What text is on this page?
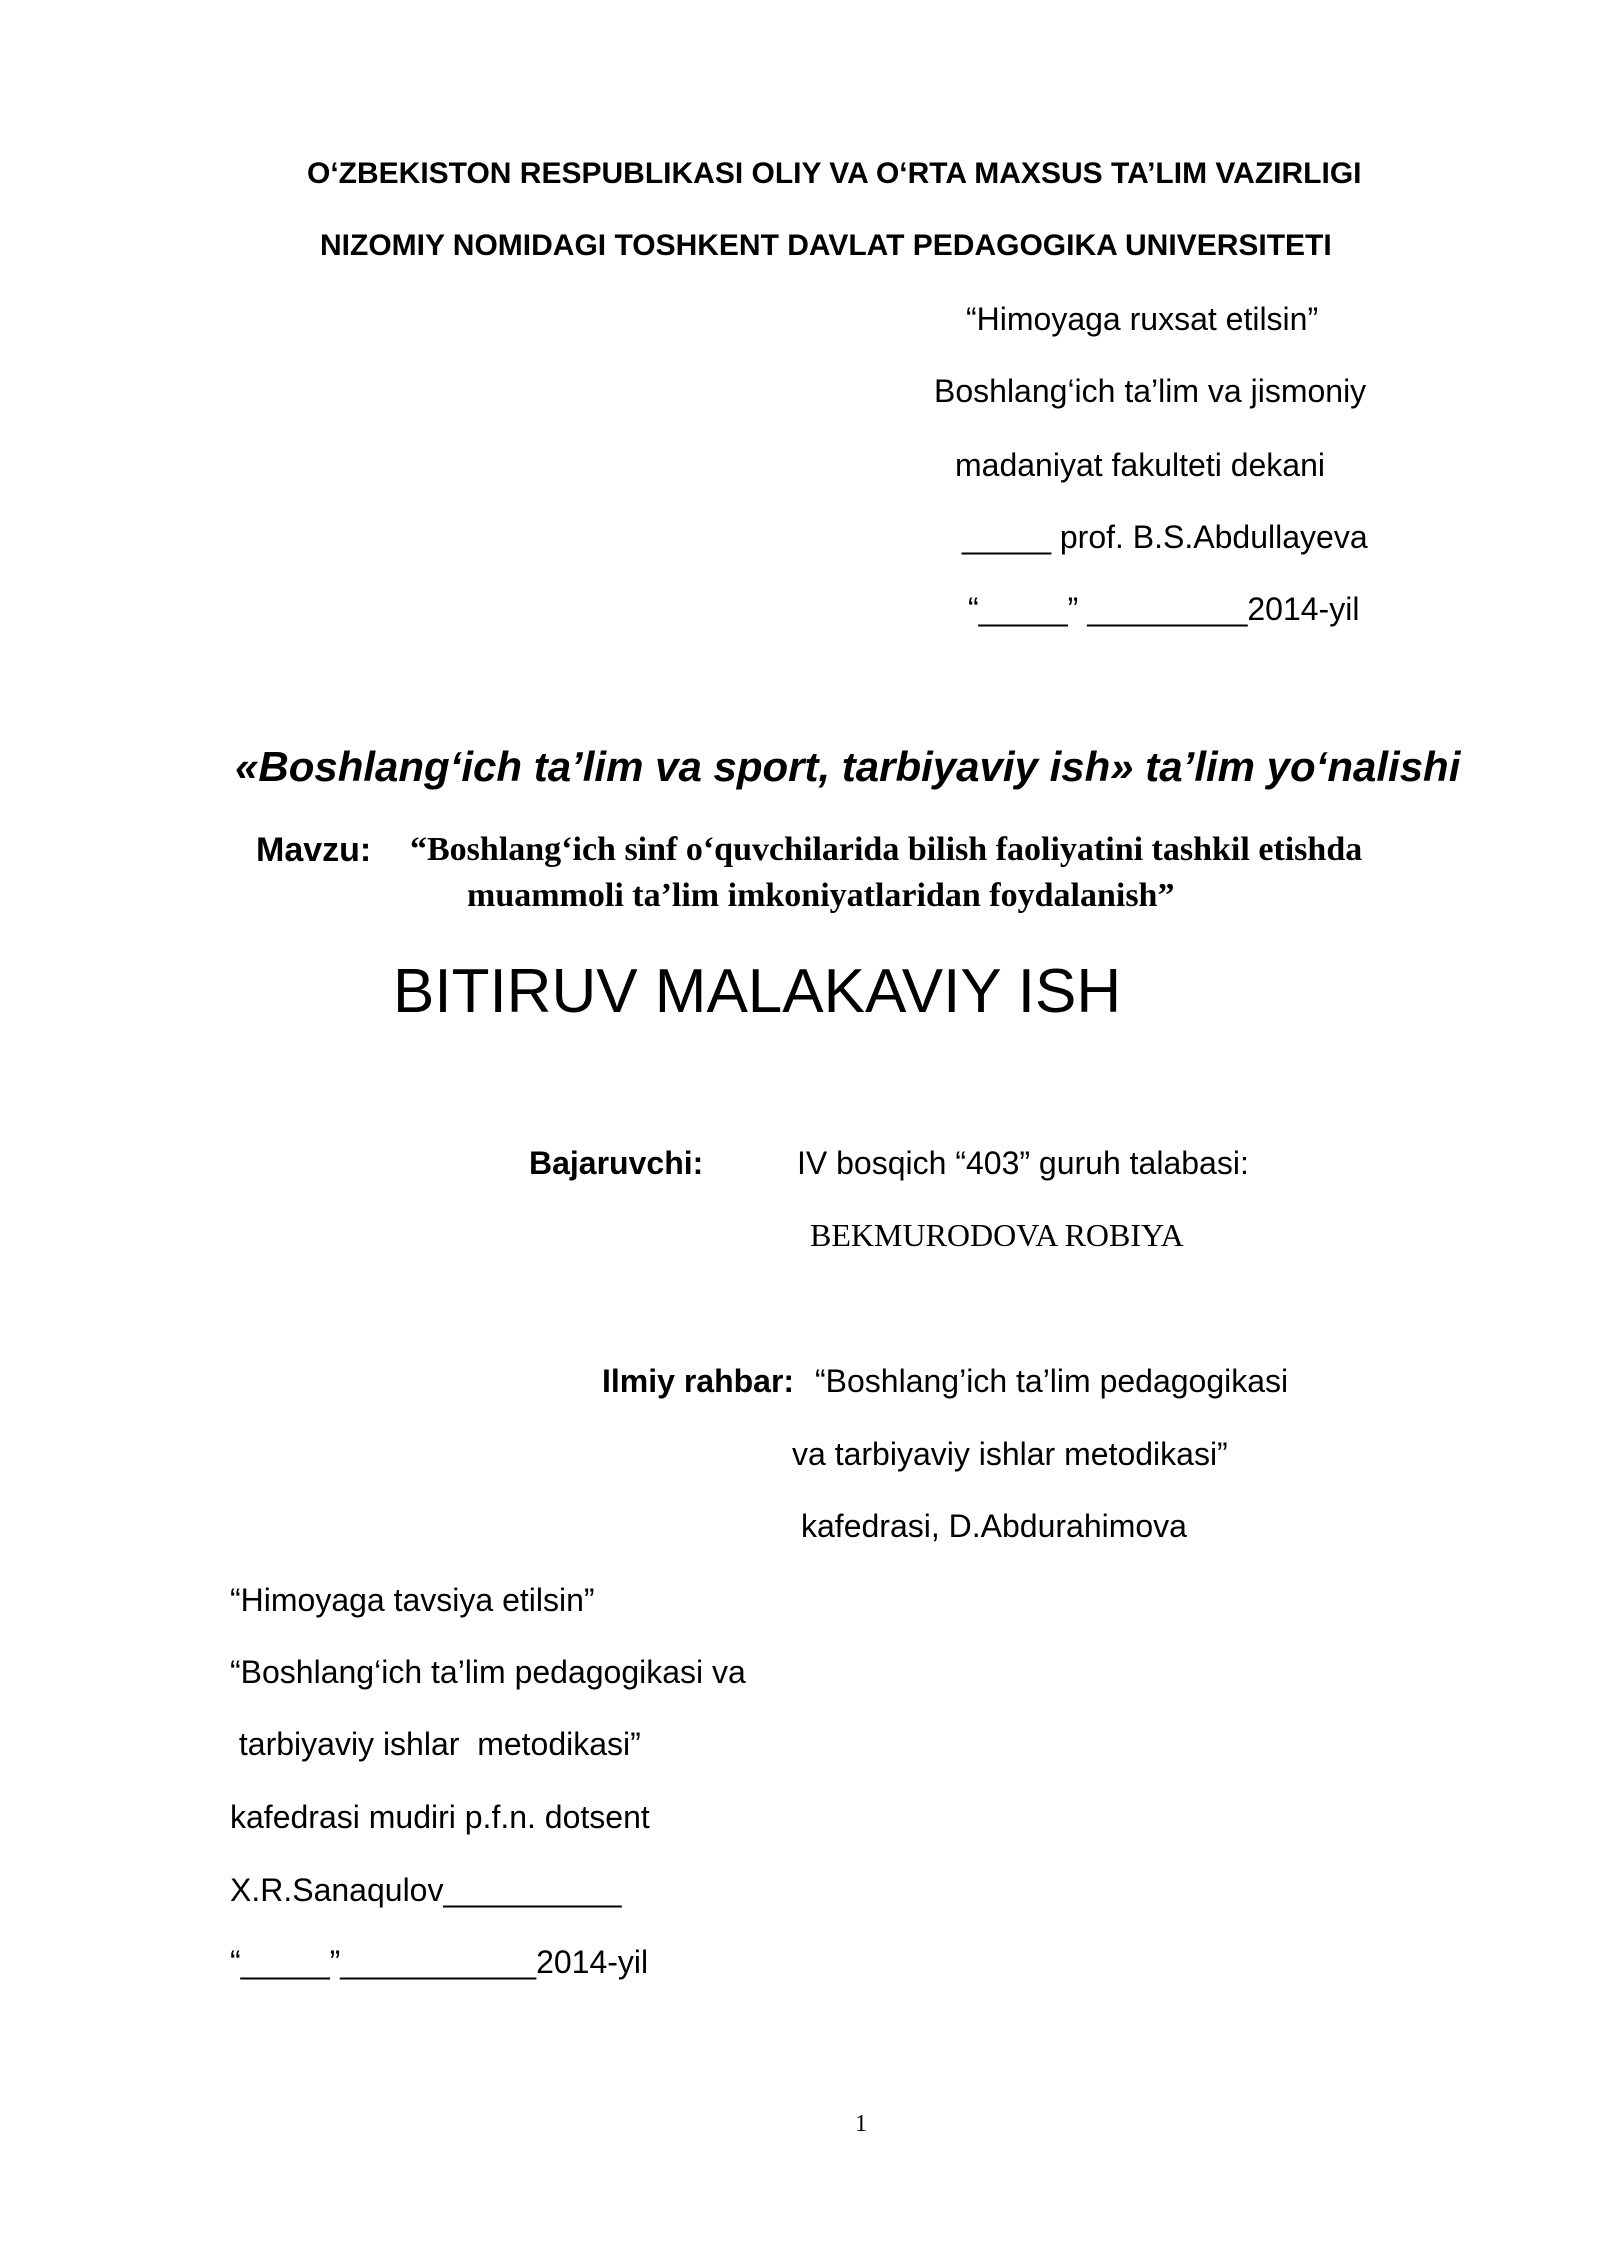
O‘ZBEKISTON RESPUBLIKASI OLIY VA O‘RTA MAXSUS TA’LIM VAZIRLIGI
NIZOMIY NOMIDAGI TOSHKENT DAVLAT PEDAGOGIKA UNIVERSITETI
“Himoyaga ruxsat etilsin”
Boshlang‘ich ta’lim va jismoniy
madaniyat fakulteti dekani
_____ prof. B.S.Abdullayeva
“_____” _________2014-yil
«Boshlang‘ich ta’lim va sport, tarbiyaviy ish» ta’lim yo‘nalishi
Mavzu: “Boshlang‘ich sinf o‘quvchilarida bilish faoliyatini tashkil etishda
muammoli ta’lim imkoniyatlaridan foydalanish”
BITIRUV MALAKAVIY ISH
Bajaruvchi:	IV bosqich “403” guruh talabasi:
BEKMURODOVA ROBIYA
Ilmiy rahbar: “Boshlang’ich ta’lim pedagogikasi
va tarbiyaviy ishlar metodikasi”
kafedrasi, D.Abdurahimova
“Himoyaga tavsiya etilsin”
“Boshlang‘ich ta’lim pedagogikasi va
tarbiyaviy ishlar  metodikasi”
kafedrasi mudiri p.f.n. dotsent
X.R.Sanaqulov__________
“_____”___________2014-yil
1
